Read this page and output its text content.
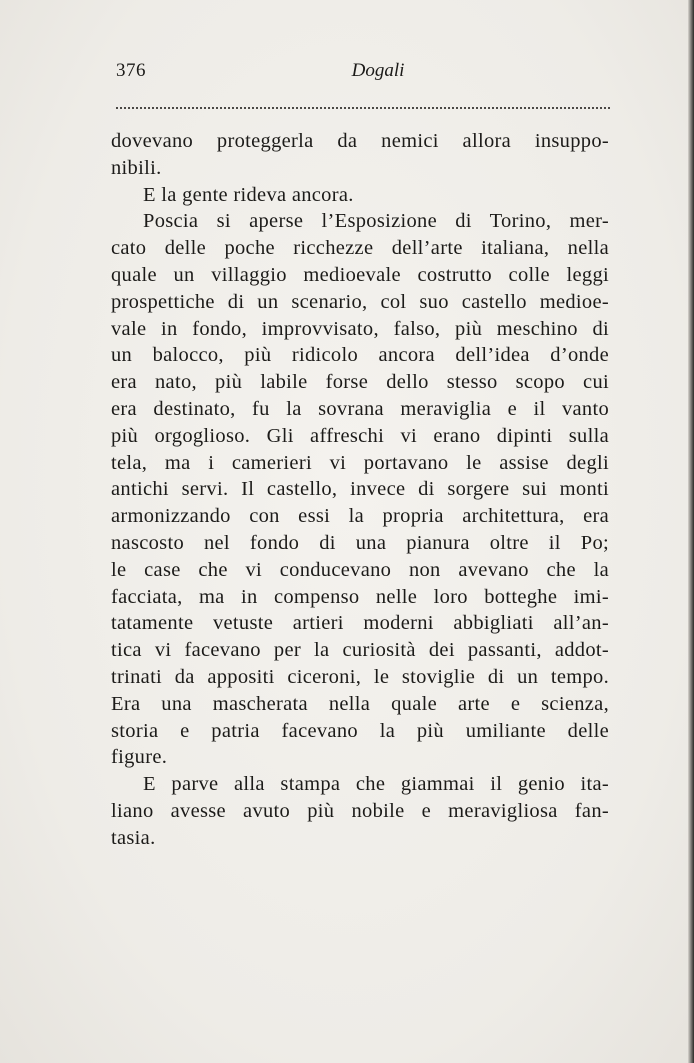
376	Dogali
dovevano proteggerla da nemici allora insuppo-
nibili.
E la gente rideva ancora.
Poscia si aperse l’Esposizione di Torino, mer-
cato delle poche ricchezze dell’arte italiana, nella
quale un villaggio medioevale costrutto colle leggi
prospettiche di un scenario, col suo castello medioe-
vale in fondo, improvvisato, falso, più meschino di
un balocco, più ridicolo ancora dell’idea d’onde
era nato, più labile forse dello stesso scopo cui
era destinato, fu la sovrana meraviglia e il vanto
più orgoglioso. Gli affreschi vi erano dipinti sulla
tela, ma i camerieri vi portavano le assise degli
antichi servi. Il castello, invece di sorgere sui monti
armonizzando con essi la propria architettura, era
nascosto nel fondo di una pianura oltre il Po;
le case che vi conducevano non avevano che la
facciata, ma in compenso nelle loro botteghe imi-
tatamente vetuste artieri moderni abbigliati all’an-
tica vi facevano per la curiosità dei passanti, addot-
trinati da appositi ciceroni, le stoviglie di un tempo.
Era una mascherata nella quale arte e scienza,
storia e patria facevano la più umiliante delle
figure.
E parve alla stampa che giammai il genio ita-
liano avesse avuto più nobile e meravigliosa fan-
tasia.
